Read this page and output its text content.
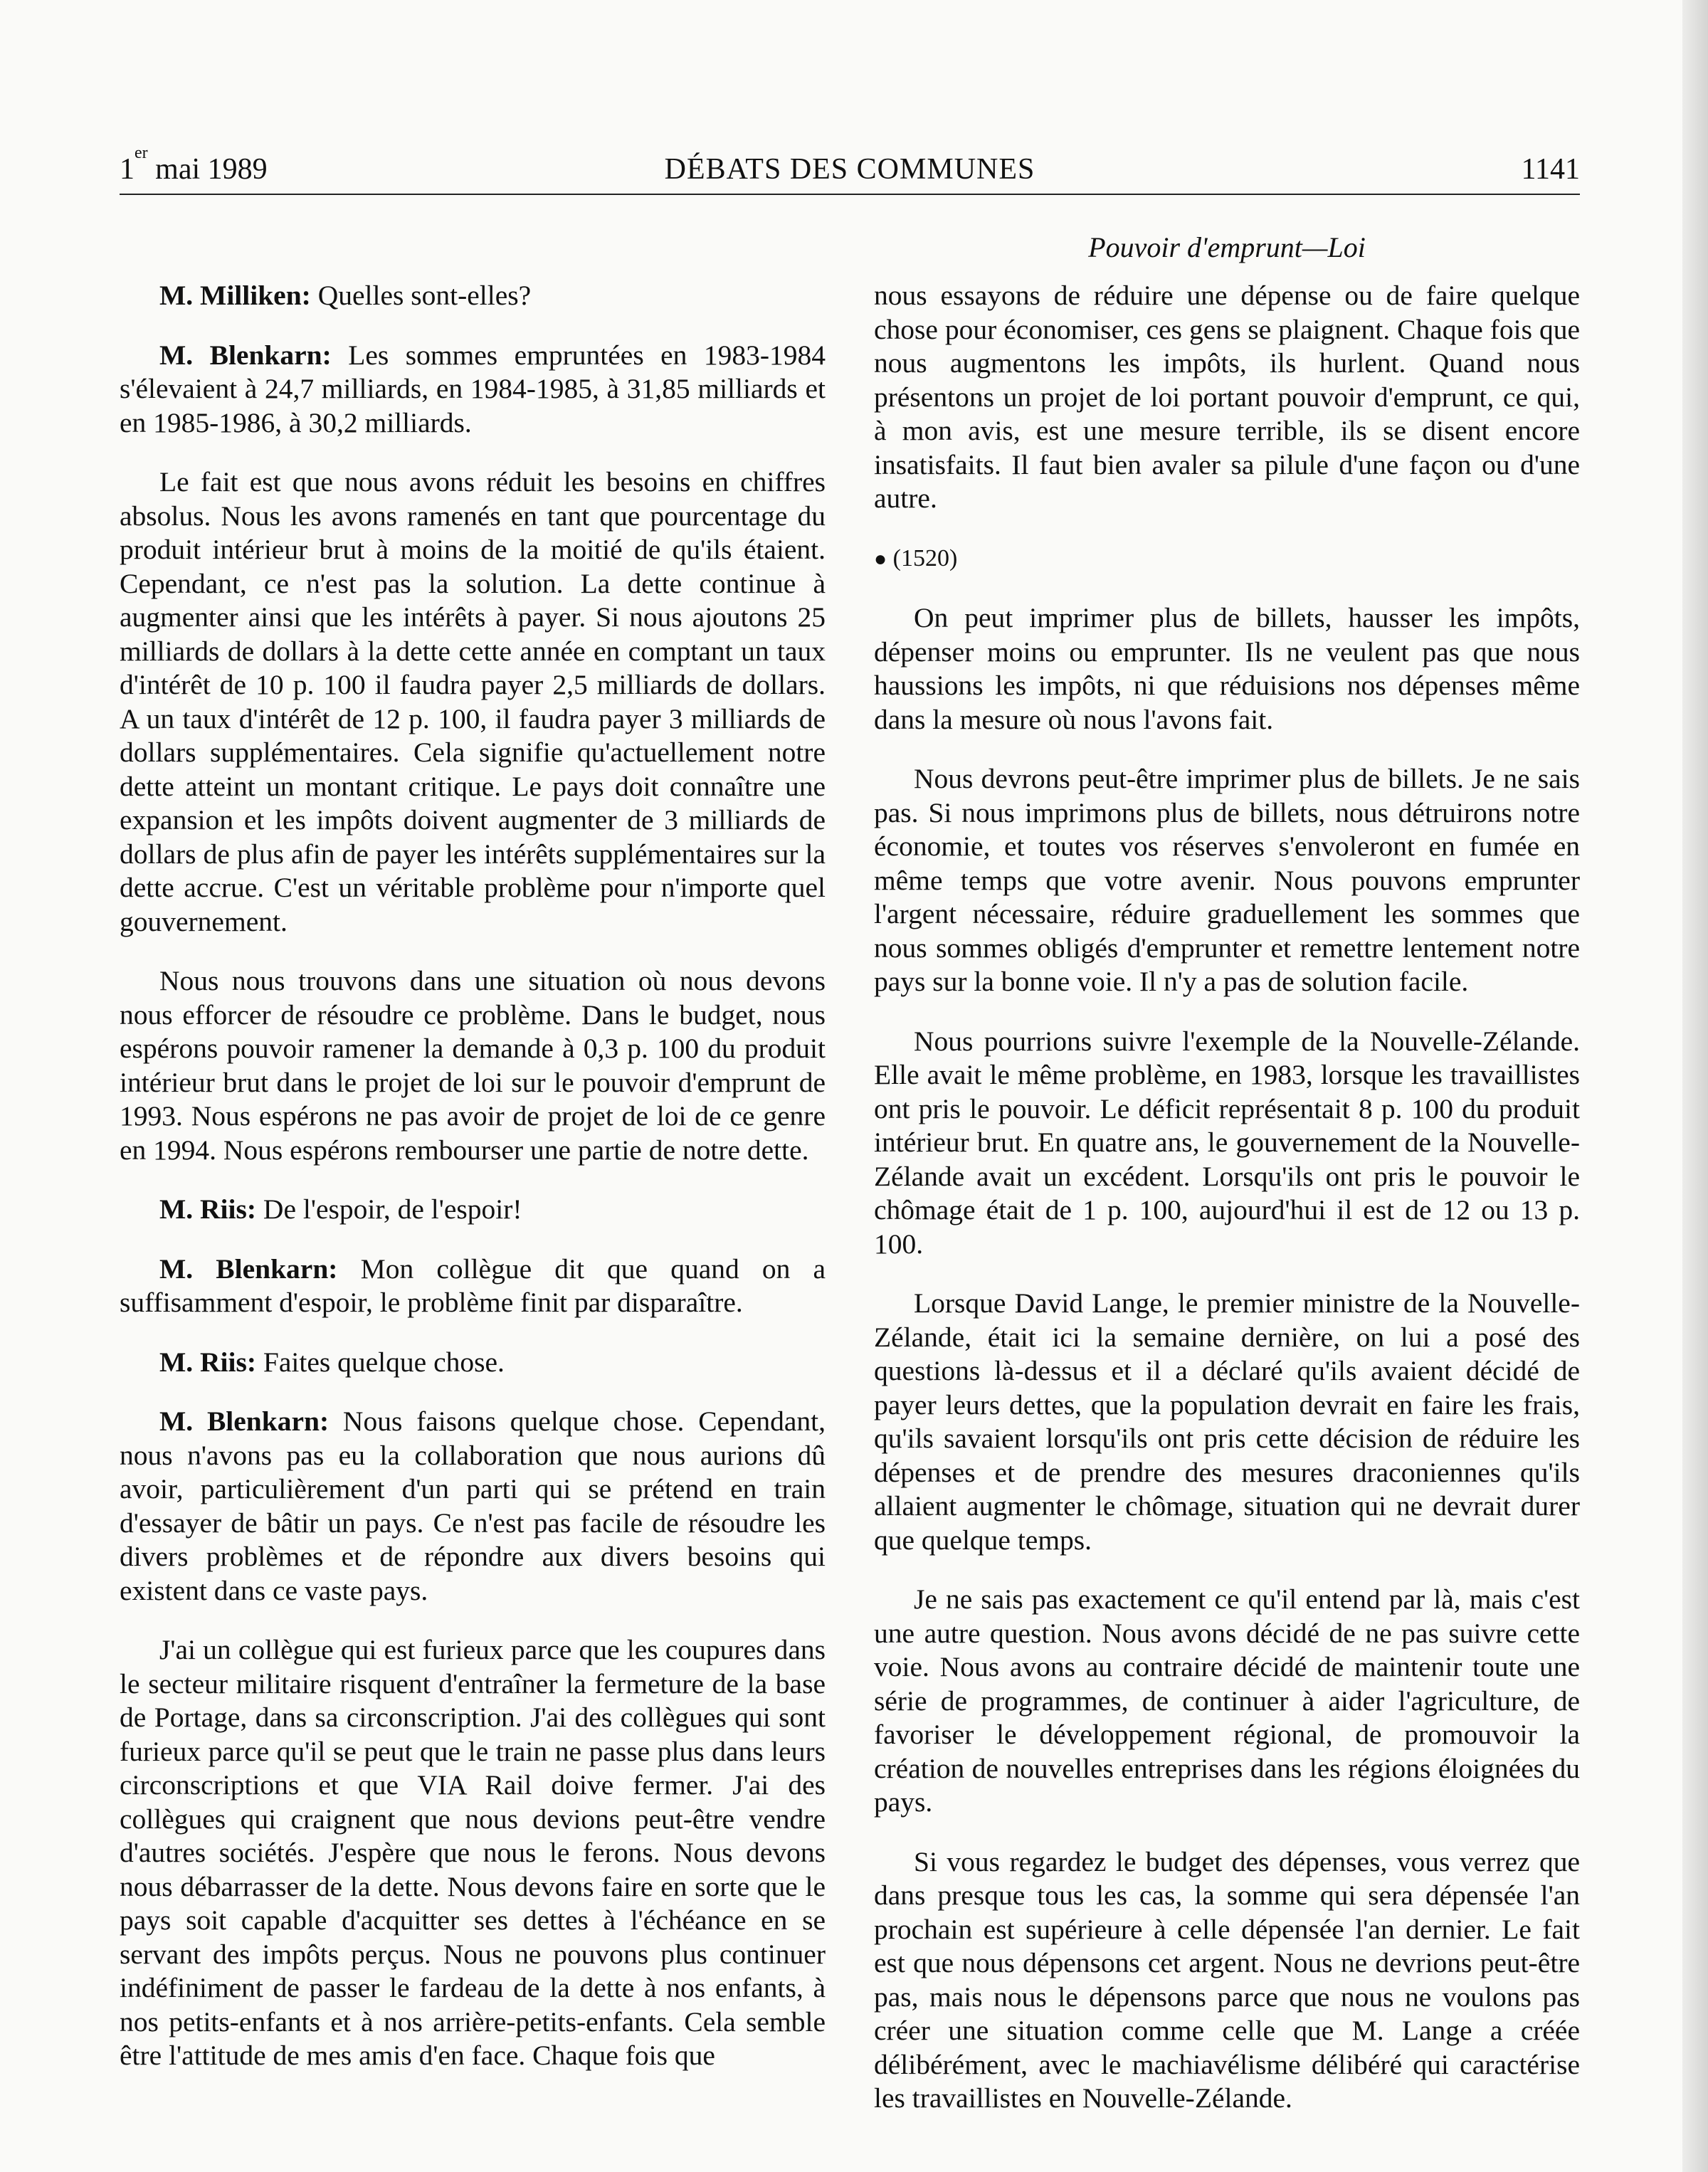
1er mai 1989	DÉBATS DES COMMUNES	1141
Pouvoir d'emprunt—Loi

M. Milliken: Quelles sont-elles?

M. Blenkarn: Les sommes empruntées en 1983-1984 s'élevaient à 24,7 milliards, en 1984-1985, à 31,85 milliards et en 1985-1986, à 30,2 milliards.

Le fait est que nous avons réduit les besoins en chiffres absolus. Nous les avons ramenés en tant que pourcentage du produit intérieur brut à moins de la moitié de qu'ils étaient. Cependant, ce n'est pas la solution. La dette continue à augmenter ainsi que les intérêts à payer. Si nous ajoutons 25 milliards de dollars à la dette cette année en comptant un taux d'intérêt de 10 p. 100 il faudra payer 2,5 milliards de dollars. A un taux d'intérêt de 12 p. 100, il faudra payer 3 milliards de dollars supplémentaires. Cela signifie qu'actuellement notre dette atteint un montant critique. Le pays doit connaître une expansion et les impôts doivent augmenter de 3 milliards de dollars de plus afin de payer les intérêts supplémentaires sur la dette accrue. C'est un véritable problème pour n'importe quel gouvernement.

Nous nous trouvons dans une situation où nous devons nous efforcer de résoudre ce problème. Dans le budget, nous espérons pouvoir ramener la demande à 0,3 p. 100 du produit intérieur brut dans le projet de loi sur le pouvoir d'emprunt de 1993. Nous espérons ne pas avoir de projet de loi de ce genre en 1994. Nous espérons rembourser une partie de notre dette.

M. Riis: De l'espoir, de l'espoir!

M. Blenkarn: Mon collègue dit que quand on a suffisamment d'espoir, le problème finit par disparaître.

M. Riis: Faites quelque chose.

M. Blenkarn: Nous faisons quelque chose. Cependant, nous n'avons pas eu la collaboration que nous aurions dû avoir, particulièrement d'un parti qui se prétend en train d'essayer de bâtir un pays. Ce n'est pas facile de résoudre les divers problèmes et de répondre aux divers besoins qui existent dans ce vaste pays.

J'ai un collègue qui est furieux parce que les coupures dans le secteur militaire risquent d'entraîner la fermeture de la base de Portage, dans sa circonscription. J'ai des collègues qui sont furieux parce qu'il se peut que le train ne passe plus dans leurs circonscriptions et que VIA Rail doive fermer. J'ai des collègues qui craignent que nous devions peut-être vendre d'autres sociétés. J'espère que nous le ferons. Nous devons nous débarrasser de la dette. Nous devons faire en sorte que le pays soit capable d'acquitter ses dettes à l'échéance en se servant des impôts perçus. Nous ne pouvons plus continuer indéfiniment de passer le fardeau de la dette à nos enfants, à nos petits-enfants et à nos arrière-petits-enfants. Cela semble être l'attitude de mes amis d'en face. Chaque fois que

nous essayons de réduire une dépense ou de faire quelque chose pour économiser, ces gens se plaignent. Chaque fois que nous augmentons les impôts, ils hurlent. Quand nous présentons un projet de loi portant pouvoir d'emprunt, ce qui, à mon avis, est une mesure terrible, ils se disent encore insatisfaits. Il faut bien avaler sa pilule d'une façon ou d'une autre.

● (1520)

On peut imprimer plus de billets, hausser les impôts, dépenser moins ou emprunter. Ils ne veulent pas que nous haussions les impôts, ni que réduisions nos dépenses même dans la mesure où nous l'avons fait.

Nous devrons peut-être imprimer plus de billets. Je ne sais pas. Si nous imprimons plus de billets, nous détruirons notre économie, et toutes vos réserves s'envoleront en fumée en même temps que votre avenir. Nous pouvons emprunter l'argent nécessaire, réduire graduellement les sommes que nous sommes obligés d'emprunter et remettre lentement notre pays sur la bonne voie. Il n'y a pas de solution facile.

Nous pourrions suivre l'exemple de la Nouvelle-Zélande. Elle avait le même problème, en 1983, lorsque les travaillistes ont pris le pouvoir. Le déficit représentait 8 p. 100 du produit intérieur brut. En quatre ans, le gouvernement de la Nouvelle-Zélande avait un excédent. Lorsqu'ils ont pris le pouvoir le chômage était de 1 p. 100, aujourd'hui il est de 12 ou 13 p. 100.

Lorsque David Lange, le premier ministre de la Nouvelle-Zélande, était ici la semaine dernière, on lui a posé des questions là-dessus et il a déclaré qu'ils avaient décidé de payer leurs dettes, que la population devrait en faire les frais, qu'ils savaient lorsqu'ils ont pris cette décision de réduire les dépenses et de prendre des mesures draconiennes qu'ils allaient augmenter le chômage, situation qui ne devrait durer que quelque temps.

Je ne sais pas exactement ce qu'il entend par là, mais c'est une autre question. Nous avons décidé de ne pas suivre cette voie. Nous avons au contraire décidé de maintenir toute une série de programmes, de continuer à aider l'agriculture, de favoriser le développement régional, de promouvoir la création de nouvelles entreprises dans les régions éloignées du pays.

Si vous regardez le budget des dépenses, vous verrez que dans presque tous les cas, la somme qui sera dépensée l'an prochain est supérieure à celle dépensée l'an dernier. Le fait est que nous dépensons cet argent. Nous ne devrions peut-être pas, mais nous le dépensons parce que nous ne voulons pas créer une situation comme celle que M. Lange a créée délibérément, avec le machiavélisme délibéré qui caractérise les travaillistes en Nouvelle-Zélande.
